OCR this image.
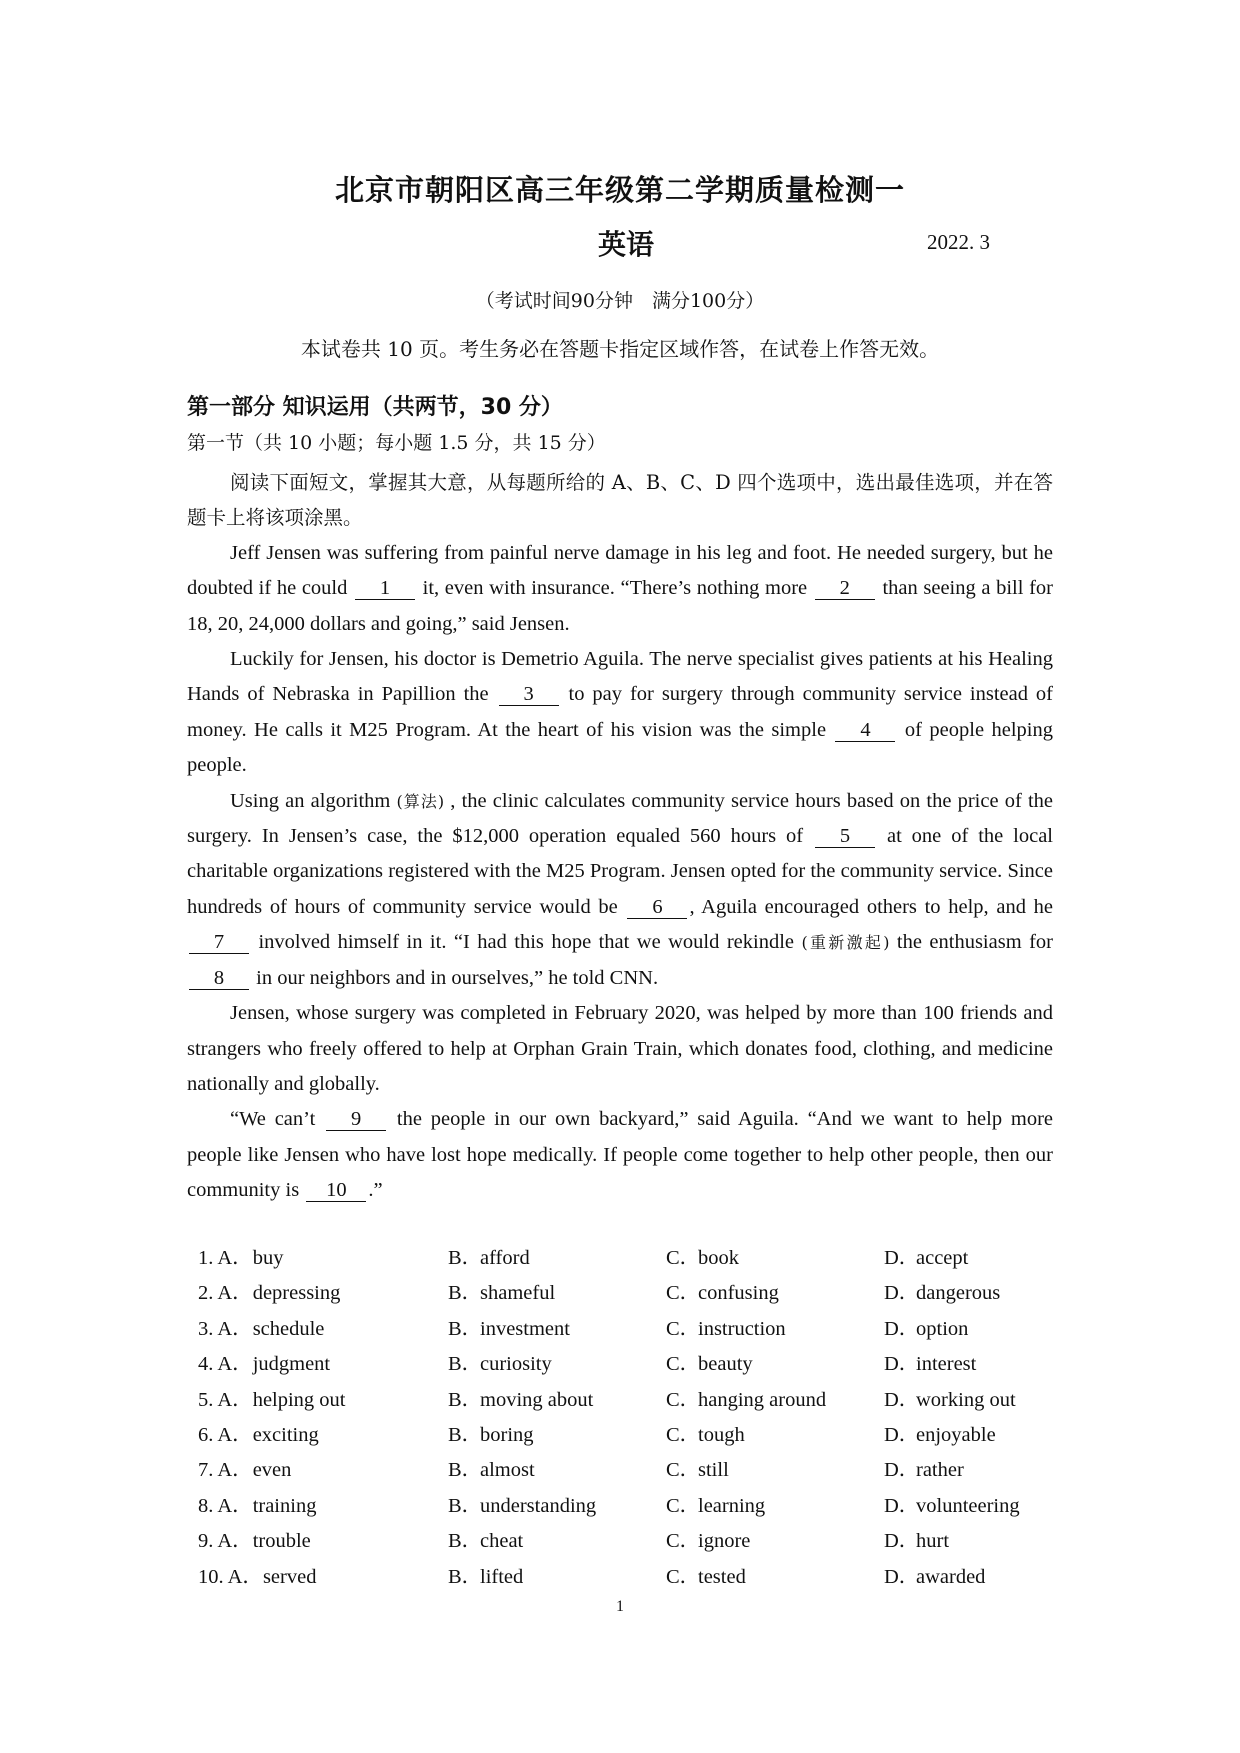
北京市朝阳区高三年级第二学期质量检测一
英语	2022. 3
（考试时间90分钟　满分100分）
本试卷共 10 页。考生务必在答题卡指定区域作答，在试卷上作答无效。
第一部分 知识运用（共两节，30 分）
第一节（共 10 小题；每小题 1.5 分，共 15 分）

阅读下面短文，掌握其大意，从每题所给的 A、B、C、D 四个选项中，选出最佳选项，并在答题卡上将该项涂黑。

Jeff Jensen was suffering from painful nerve damage in his leg and foot. He needed surgery, but he doubted if he could 1 it, even with insurance. “There’s nothing more 2 than seeing a bill for 18, 20, 24,000 dollars and going,” said Jensen.

Luckily for Jensen, his doctor is Demetrio Aguila. The nerve specialist gives patients at his Healing Hands of Nebraska in Papillion the 3 to pay for surgery through community service instead of money. He calls it M25 Program. At the heart of his vision was the simple 4 of people helping people.

Using an algorithm (算法) , the clinic calculates community service hours based on the price of the surgery. In Jensen’s case, the $12,000 operation equaled 560 hours of 5 at one of the local charitable organizations registered with the M25 Program. Jensen opted for the community service. Since hundreds of hours of community service would be 6 , Aguila encouraged others to help, and he 7 involved himself in it. “I had this hope that we would rekindle (重新激起) the enthusiasm for 8 in our neighbors and in ourselves,” he told CNN.

Jensen, whose surgery was completed in February 2020, was helped by more than 100 friends and strangers who freely offered to help at Orphan Grain Train, which donates food, clothing, and medicine nationally and globally.

“We can’t 9 the people in our own backyard,” said Aguila. “And we want to help more people like Jensen who have lost hope medically. If people come together to help other people, then our community is 10 .”

1. A．buy	B．afford	C．book	D．accept
2. A．depressing	B．shameful	C．confusing	D．dangerous
3. A．schedule	B．investment	C．instruction	D．option
4. A．judgment	B．curiosity	C．beauty	D．interest
5. A．helping out	B．moving about	C．hanging around	D．working out
6. A．exciting	B．boring	C．tough	D．enjoyable
7. A．even	B．almost	C．still	D．rather
8. A．training	B．understanding	C．learning	D．volunteering
9. A．trouble	B．cheat	C．ignore	D．hurt
10. A．served	B．lifted	C．tested	D．awarded
1
